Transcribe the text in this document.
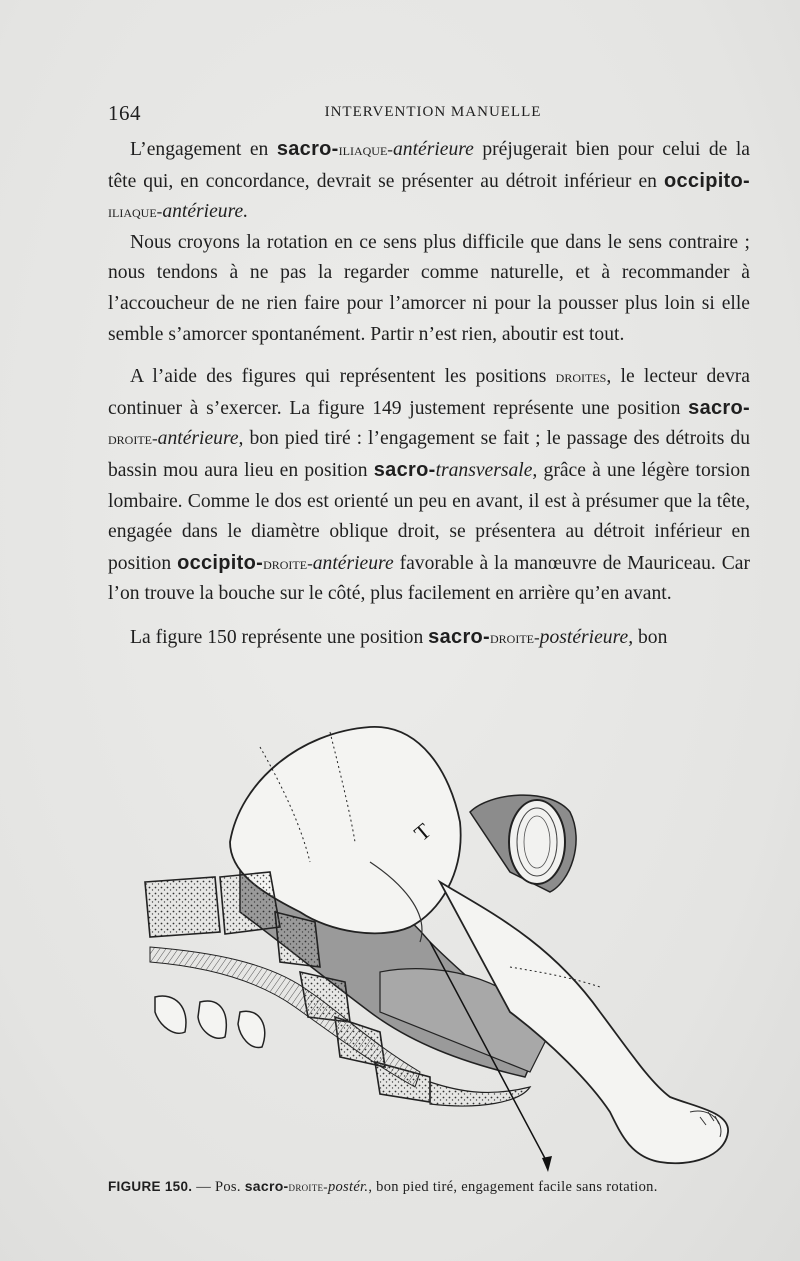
164	INTERVENTION MANUELLE

L’engagement en sacro-iliaque-antérieure préjugerait bien pour celui de la tête qui, en concordance, devrait se présenter au détroit inférieur en occipito-iliaque-antérieure.

Nous croyons la rotation en ce sens plus difficile que dans le sens contraire ; nous tendons à ne pas la regarder comme naturelle, et à recommander à l’accoucheur de ne rien faire pour l’amorcer ni pour la pousser plus loin si elle semble s’amorcer spontanément. Partir n’est rien, aboutir est tout.

A l’aide des figures qui représentent les positions droites, le lecteur devra continuer à s’exercer. La figure 149 justement représente une position sacro-droite-antérieure, bon pied tiré : l’engagement se fait ; le passage des détroits du bassin mou aura lieu en position sacro-transversale, grâce à une légère torsion lombaire. Comme le dos est orienté un peu en avant, il est à présumer que la tête, engagée dans le diamètre oblique droit, se présentera au détroit inférieur en position occipito-droite-antérieure favorable à la manœuvre de Mauriceau. Car l’on trouve la bouche sur le côté, plus facilement en arrière qu’en avant.

La figure 150 représente une position sacro-droite-postérieure, bon

T
FIGURE 150. — Pos. sacro-droite-postér., bon pied tiré, engagement facile sans rotation.
